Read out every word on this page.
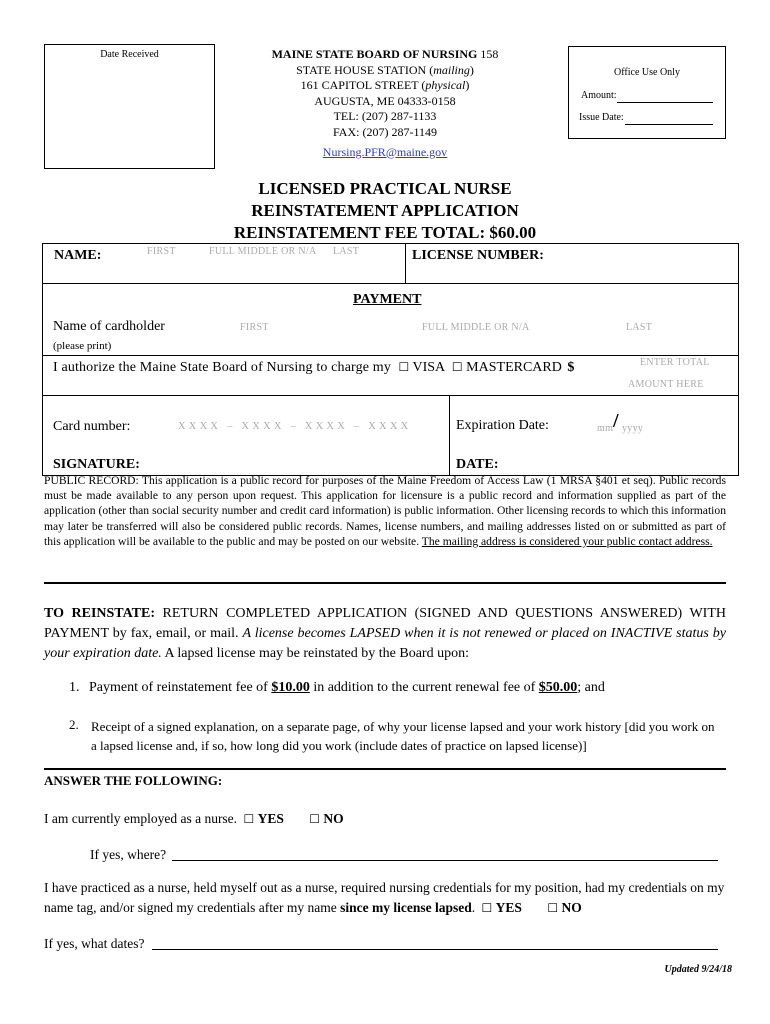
Date Received	MAINE STATE BOARD OF NURSING 158
STATE HOUSE STATION (mailing)
161 CAPITOL STREET (physical)
AUGUSTA, ME 04333-0158
TEL: (207) 287-1133
FAX: (207) 287-1149
Nursing.PFR@maine.gov
Office Use Only
Amount:
Issue Date:
LICENSED PRACTICAL NURSE
REINSTATEMENT APPLICATION
REINSTATEMENT FEE TOTAL: $60.00
NAME:	FIRST	FULL MIDDLE OR N/A LAST	LICENSE NUMBER:
PAYMENT
Name of cardholder
(please print)
FIRST	FULL MIDDLE OR N/A	LAST
I authorize the Maine State Board of Nursing to charge my ☐ VISA ☐ MASTERCARD $	ENTER TOTAL
AMOUNT HERE
Card number:	X X X X   –   X X X X   –   X X X X   –   X X X X	Expiration Date:	mm / yyyy
SIGNATURE:	DATE:
PUBLIC RECORD: This application is a public record for purposes of the Maine Freedom of Access Law (1 MRSA §401 et seq). Public records must be made available to any person upon request. This application for licensure is a public record and information supplied as part of the application (other than social security number and credit card information) is public information. Other licensing records to which this information may later be transferred will also be considered public records. Names, license numbers, and mailing addresses listed on or submitted as part of this application will be available to the public and may be posted on our website. The mailing address is considered your public contact address.
TO REINSTATE: RETURN COMPLETED APPLICATION (SIGNED AND QUESTIONS ANSWERED) WITH PAYMENT by fax, email, or mail. A license becomes LAPSED when it is not renewed or placed on INACTIVE status by your expiration date. A lapsed license may be reinstated by the Board upon:
1. Payment of reinstatement fee of $10.00 in addition to the current renewal fee of $50.00; and
2. Receipt of a signed explanation, on a separate page, of why your license lapsed and your work history [did you work on a lapsed license and, if so, how long did you work (include dates of practice on lapsed license)]
ANSWER THE FOLLOWING:
I am currently employed as a nurse. ☐ YES ☐ NO
If yes, where?
I have practiced as a nurse, held myself out as a nurse, required nursing credentials for my position, had my credentials on my name tag, and/or signed my credentials after my name since my license lapsed. ☐ YES ☐ NO
If yes, what dates?
Updated 9/24/18
